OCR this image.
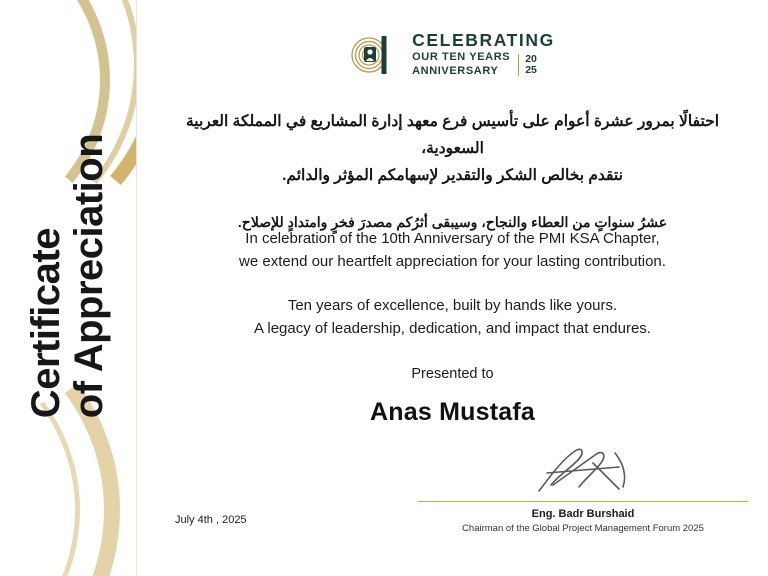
Certificate
of Appreciation
CELEBRATING
OUR TEN YEARS
ANNIVERSARY
20
25
احتفالًا بمرور عشرة أعوام على تأسيس فرع معهد إدارة المشاريع في المملكة العربية السعودية،
نتقدم بخالص الشكر والتقدير لإسهامكم المؤثر والدائم.
عشرُ سنواتٍ من العطاء والنجاح، وسيبقى أثرُكم مصدرَ فخرٍ وامتدادٍ للإصلاح.
In celebration of the 10th Anniversary of the PMI KSA Chapter,
we extend our heartfelt appreciation for your lasting contribution.
Ten years of excellence, built by hands like yours.
A legacy of leadership, dedication, and impact that endures.
Presented to
Anas Mustafa
Eng. Badr Burshaid
Chairman of the Global Project Management Forum 2025
July 4th , 2025
